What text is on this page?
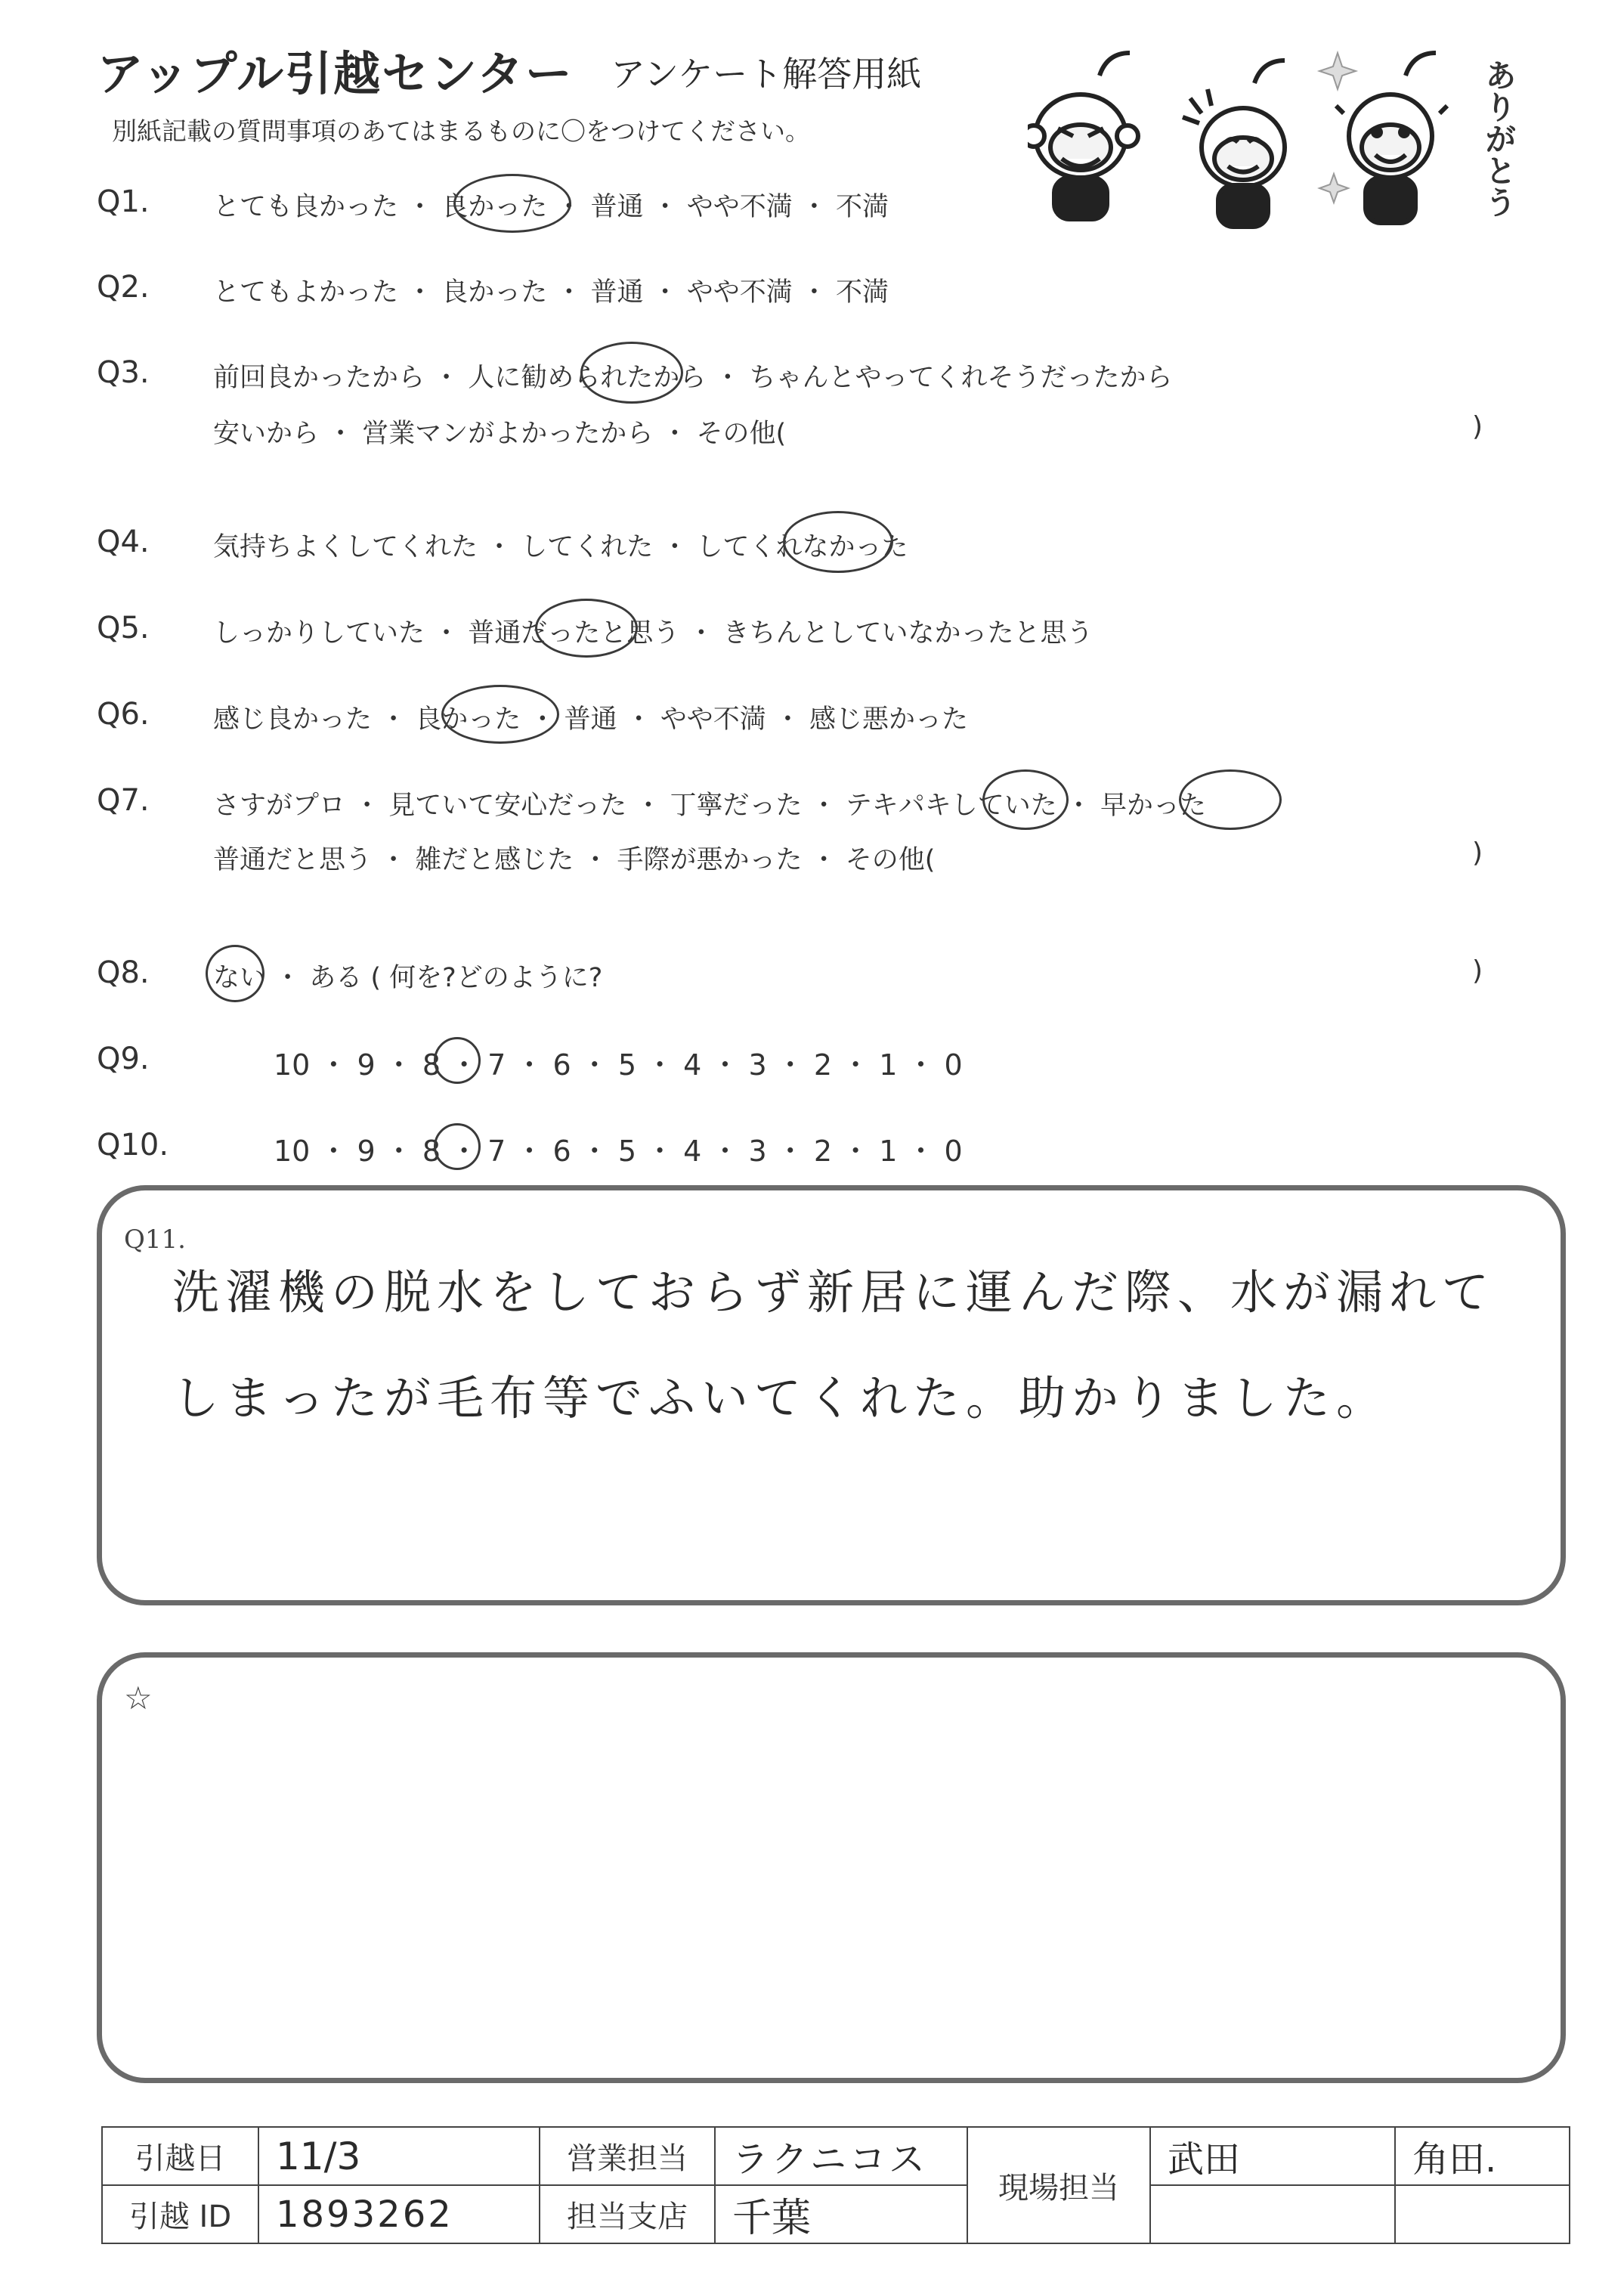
アップル引越センター アンケート解答用紙
別紙記載の質問事項のあてはまるものに〇をつけてください。	ありがとう
Q1. とても良かった ・ 良かった ・ 普通 ・ やや不満 ・ 不満
Q2. とてもよかった ・ 良かった ・ 普通 ・ やや不満 ・ 不満
Q3. 前回良かったから ・ 人に勧められたから ・ ちゃんとやってくれそうだったから
安いから ・ 営業マンがよかったから ・ その他(	)
Q4. 気持ちよくしてくれた ・ してくれた ・ してくれなかった
Q5. しっかりしていた ・ 普通だったと思う ・ きちんとしていなかったと思う
Q6. 感じ良かった ・ 良かった ・ 普通 ・ やや不満 ・ 感じ悪かった
Q7. さすがプロ ・ 見ていて安心だった ・ 丁寧だった ・ テキパキしていた ・ 早かった
普通だと思う ・ 雑だと感じた ・ 手際が悪かった ・ その他(	)
Q8. ない ・ ある ( 何を?どのように?	)
Q9.	10 ・ 9 ・ 8 ・ 7 ・ 6 ・ 5 ・ 4 ・ 3 ・ 2 ・ 1 ・ 0
Q10.	10 ・ 9 ・ 8 ・ 7 ・ 6 ・ 5 ・ 4 ・ 3 ・ 2 ・ 1 ・ 0
Q11.
洗濯機の脱水をしておらず新居に運んだ際、水が漏れて
しまったが毛布等でふいてくれた。助かりました。
☆
引越日	11/3	営業担当	ラクニコス	現場担当	武田	角田.
引越 ID	1893262	担当支店	千葉			
